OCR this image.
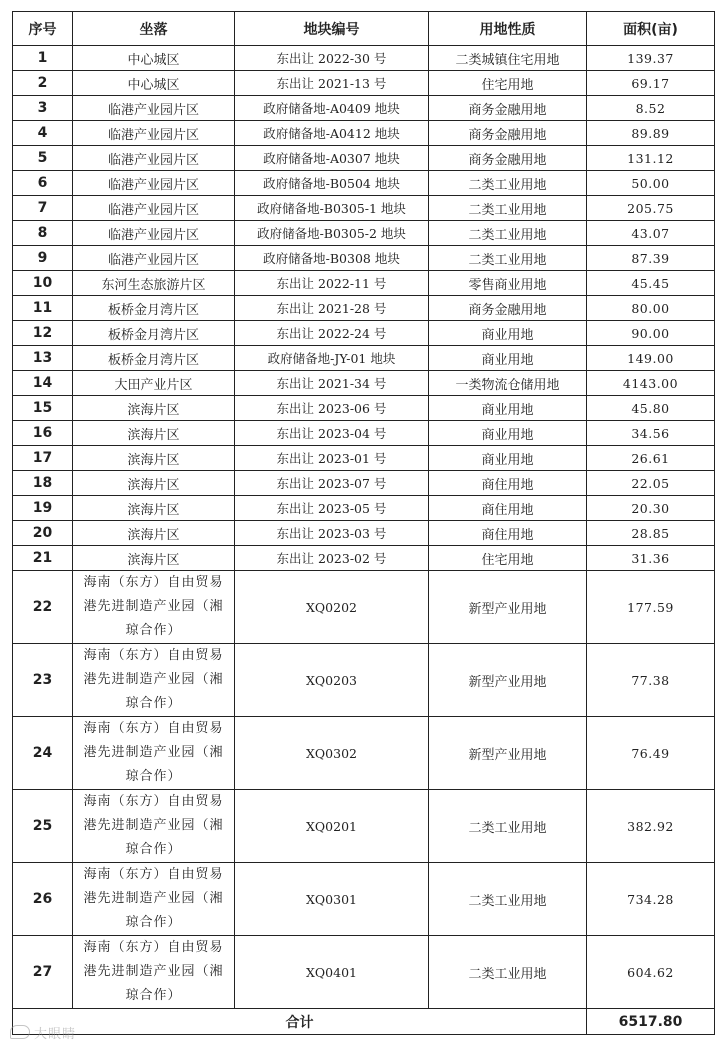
序号	坐落	地块编号	用地性质	面积(亩)
1	中心城区	东出让 2022-30 号	二类城镇住宅用地	139.37
2	中心城区	东出让 2021-13 号	住宅用地	69.17
3	临港产业园片区	政府储备地-A0409 地块	商务金融用地	8.52
4	临港产业园片区	政府储备地-A0412 地块	商务金融用地	89.89
5	临港产业园片区	政府储备地-A0307 地块	商务金融用地	131.12
6	临港产业园片区	政府储备地-B0504 地块	二类工业用地	50.00
7	临港产业园片区	政府储备地-B0305-1 地块	二类工业用地	205.75
8	临港产业园片区	政府储备地-B0305-2 地块	二类工业用地	43.07
9	临港产业园片区	政府储备地-B0308 地块	二类工业用地	87.39
10	东河生态旅游片区	东出让 2022-11 号	零售商业用地	45.45
11	板桥金月湾片区	东出让 2021-28 号	商务金融用地	80.00
12	板桥金月湾片区	东出让 2022-24 号	商业用地	90.00
13	板桥金月湾片区	政府储备地-JY-01 地块	商业用地	149.00
14	大田产业片区	东出让 2021-34 号	一类物流仓储用地	4143.00
15	滨海片区	东出让 2023-06 号	商业用地	45.80
16	滨海片区	东出让 2023-04 号	商业用地	34.56
17	滨海片区	东出让 2023-01 号	商业用地	26.61
18	滨海片区	东出让 2023-07 号	商住用地	22.05
19	滨海片区	东出让 2023-05 号	商住用地	20.30
20	滨海片区	东出让 2023-03 号	商住用地	28.85
21	滨海片区	东出让 2023-02 号	住宅用地	31.36
22	海南（东方）自由贸易港先进制造产业园（湘琼合作）	XQ0202	新型产业用地	177.59
23	海南（东方）自由贸易港先进制造产业园（湘琼合作）	XQ0203	新型产业用地	77.38
24	海南（东方）自由贸易港先进制造产业园（湘琼合作）	XQ0302	新型产业用地	76.49
25	海南（东方）自由贸易港先进制造产业园（湘琼合作）	XQ0201	二类工业用地	382.92
26	海南（东方）自由贸易港先进制造产业园（湘琼合作）	XQ0301	二类工业用地	734.28
27	海南（东方）自由贸易港先进制造产业园（湘琼合作）	XQ0401	二类工业用地	604.62
合计				6517.80
大眼睛
